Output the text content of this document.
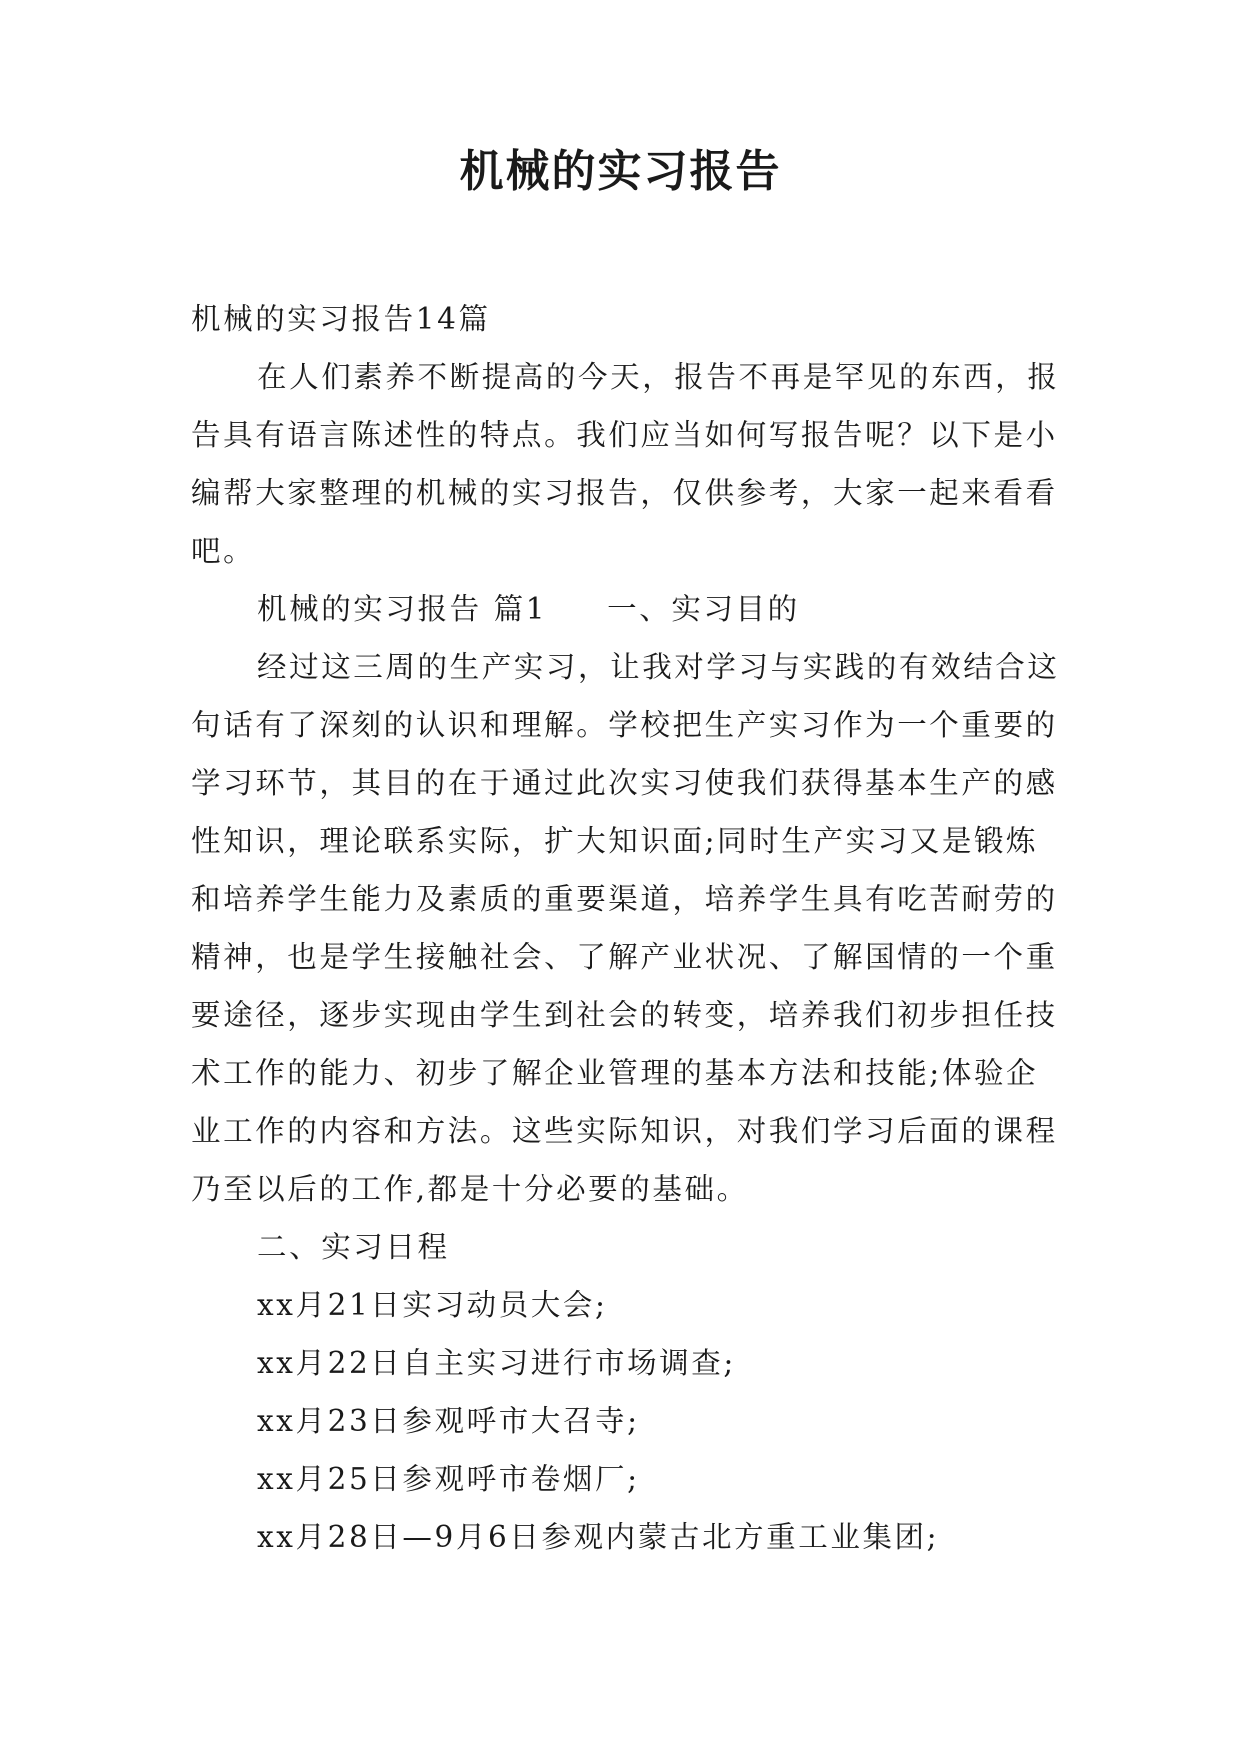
机械的实习报告

机械的实习报告14篇

在人们素养不断提高的今天，报告不再是罕见的东西，报告具有语言陈述性的特点。我们应当如何写报告呢？以下是小编帮大家整理的机械的实习报告，仅供参考，大家一起来看看吧。

机械的实习报告 篇1 一、实习目的

经过这三周的生产实习，让我对学习与实践的有效结合这句话有了深刻的认识和理解。学校把生产实习作为一个重要的学习环节，其目的在于通过此次实习使我们获得基本生产的感性知识，理论联系实际，扩大知识面;同时生产实习又是锻炼和培养学生能力及素质的重要渠道，培养学生具有吃苦耐劳的精神，也是学生接触社会、了解产业状况、了解国情的一个重要途径，逐步实现由学生到社会的转变，培养我们初步担任技术工作的能力、初步了解企业管理的基本方法和技能;体验企业工作的内容和方法。这些实际知识，对我们学习后面的课程乃至以后的工作,都是十分必要的基础。

二、实习日程

xx月21日实习动员大会;

xx月22日自主实习进行市场调查;

xx月23日参观呼市大召寺;

xx月25日参观呼市卷烟厂;

xx月28日—9月6日参观内蒙古北方重工业集团;
